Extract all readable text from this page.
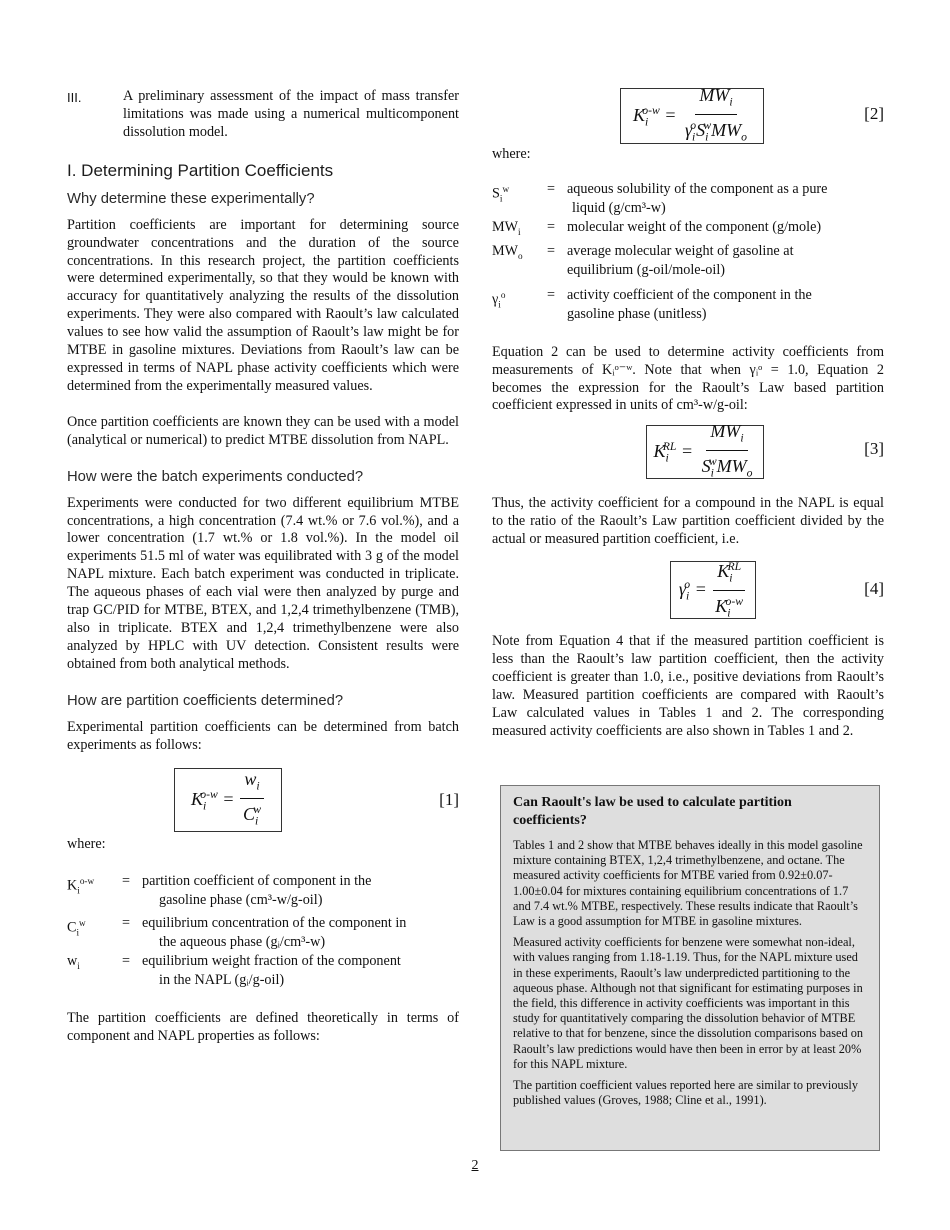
III.	A preliminary assessment of the impact of mass transfer limitations was made using a numerical multicomponent dissolution model.

I. Determining Partition Coefficients
Why determine these experimentally?

Partition coefficients are important for determining source groundwater concentrations and the duration of the source concentrations. In this research project, the partition coefficients were determined experimentally, so that they would be known with accuracy for quantitatively analyzing the results of the dissolution experiments. They were also compared with Raoult’s law calculated values to see how valid the assumption of Raoult’s law might be for MTBE in gasoline mixtures. Deviations from Raoult’s law can be expressed in terms of NAPL phase activity coefficients which were determined from the experimentally measured values.

Once partition coefficients are known they can be used with a model (analytical or numerical) to predict MTBE dissolution from NAPL.

How were the batch experiments conducted?

Experiments were conducted for two different equilibrium MTBE concentrations, a high concentration (7.4 wt.% or 7.6 vol.%), and a lower concentration (1.7 wt.% or 1.8 vol.%). In the model oil experiments 51.5 ml of water was equilibrated with 3 g of the model NAPL mixture. Each batch experiment was conducted in triplicate. The aqueous phases of each vial were then analyzed by purge and trap GC/PID for MTBE, BTEX, and 1,2,4 trimethylbenzene (TMB), also in triplicate. BTEX and 1,2,4 trimethylbenzene were also analyzed by HPLC with UV detection. Consistent results were obtained from both analytical methods.

How are partition coefficients determined?

Experimental partition coefficients can be determined from batch experiments as follows:

$K_i^{o-w} = \frac{w_i}{C_i^w}$	[1]

where:

$K_i^{o-w}$	= partition coefficient of component in the
gasoline phase (cm³-w/g-oil)
$C_i^w$	= equilibrium concentration of the component in
the aqueous phase (gᵢ/cm³-w)
$w_i$	= equilibrium weight fraction of the component
in the NAPL (gᵢ/g-oil)

The partition coefficients are defined theoretically in terms of component and NAPL properties as follows:

$K_i^{o-w} = \frac{MW_i}{\gamma_i^oS_i^wMW_o}$	[2]

where:

$S_i^w$	= aqueous solubility of the component as a pure
liquid (g/cm³-w)
$MW_i$	= molecular weight of the component (g/mole)
$MW_o$	= average molecular weight of gasoline at
equilibrium (g-oil/mole-oil)
$\gamma_i^o$	= activity coefficient of the component in the
gasoline phase (unitless)

Equation 2 can be used to determine activity coefficients from measurements of Kᵢᵒ⁻ʷ. Note that when γᵢᵒ = 1.0, Equation 2 becomes the expression for the Raoult’s Law based partition coefficient expressed in units of cm³-w/g-oil:

$K_i^{RL} = \frac{MW_i}{S_i^wMW_o}$	[3]

Thus, the activity coefficient for a compound in the NAPL is equal to the ratio of the Raoult’s Law partition coefficient divided by the actual or measured partition coefficient, i.e.

$\gamma_i^o = \frac{K_i^{RL}}{K_i^{o-w}}$	[4]

Note from Equation 4 that if the measured partition coefficient is less than the Raoult’s law partition coefficient, then the activity coefficient is greater than 1.0, i.e., positive deviations from Raoult’s law. Measured partition coefficients are compared with Raoult’s Law calculated values in Tables 1 and 2. The corresponding measured activity coefficients are also shown in Tables 1 and 2.

Can Raoult's law be used to calculate partition coefficients?

Tables 1 and 2 show that MTBE behaves ideally in this model gasoline mixture containing BTEX, 1,2,4 trimethylbenzene, and octane. The measured activity coefficients for MTBE varied from 0.92±0.07-1.00±0.04 for mixtures containing equilibrium concentrations of 1.7 and 7.4 wt.% MTBE, respectively. These results indicate that Raoult’s Law is a good assumption for MTBE in gasoline mixtures.

Measured activity coefficients for benzene were somewhat non-ideal, with values ranging from 1.18-1.19. Thus, for the NAPL mixture used in these experiments, Raoult’s law underpredicted partitioning to the aqueous phase. Although not that significant for estimating purposes in the field, this difference in activity coefficients was important in this study for quantitatively comparing the dissolution behavior of MTBE relative to that for benzene, since the dissolution comparisons based on Raoult’s law predictions would have then been in error by at least 20% for this NAPL mixture.

The partition coefficient values reported here are similar to previously published values (Groves, 1988; Cline et al., 1991).

2
